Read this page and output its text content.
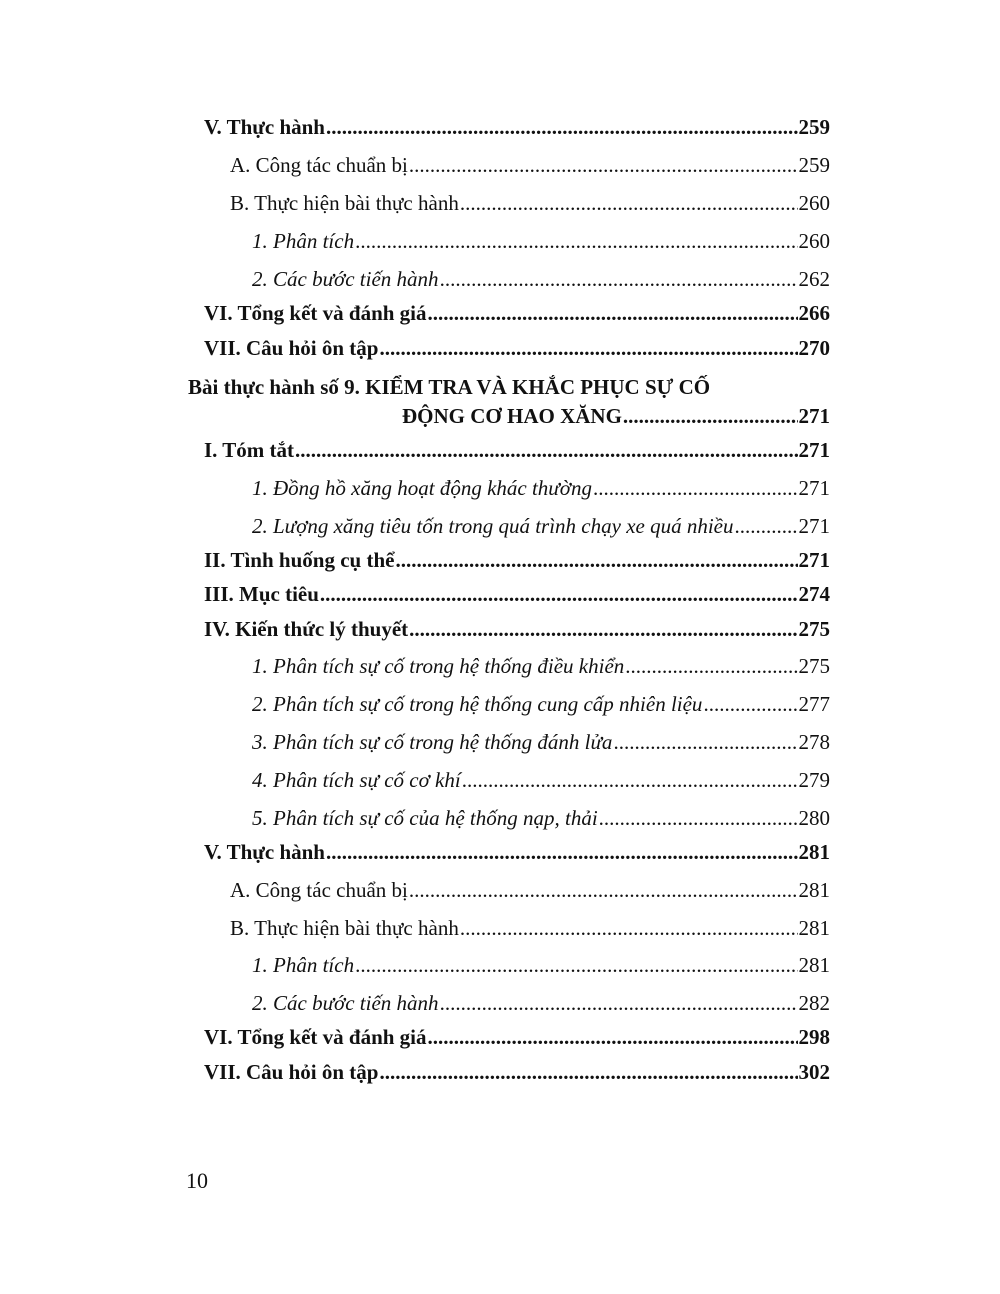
V. Thực hành .....	259
A. Công tác chuẩn bị .....	259
B. Thực hiện bài thực hành .....	260
1. Phân tích .....	260
2. Các bước tiến hành .....	262
VI. Tổng kết và đánh giá .....	266
VII. Câu hỏi ôn tập .....	270
Bài thực hành số 9. KIỂM TRA VÀ KHẮC PHỤC SỰ CỐ
ĐỘNG CƠ HAO XĂNG .....	271
I. Tóm tắt .....	271
1. Đồng hồ xăng hoạt động khác thường .....	271
2. Lượng xăng tiêu tốn trong quá trình chạy xe quá nhiều .....	271
II. Tình huống cụ thể .....	271
III. Mục tiêu .....	274
IV. Kiến thức lý thuyết .....	275
1. Phân tích sự cố trong hệ thống điều khiển .....	275
2. Phân tích sự cố trong hệ thống cung cấp nhiên liệu .....	277
3. Phân tích sự cố trong hệ thống đánh lửa .....	278
4. Phân tích sự cố cơ khí .....	279
5. Phân tích sự cố của hệ thống nạp, thải .....	280
V. Thực hành .....	281
A. Công tác chuẩn bị .....	281
B. Thực hiện bài thực hành .....	281
1. Phân tích .....	281
2. Các bước tiến hành .....	282
VI. Tổng kết và đánh giá .....	298
VII. Câu hỏi ôn tập .....	302
10
